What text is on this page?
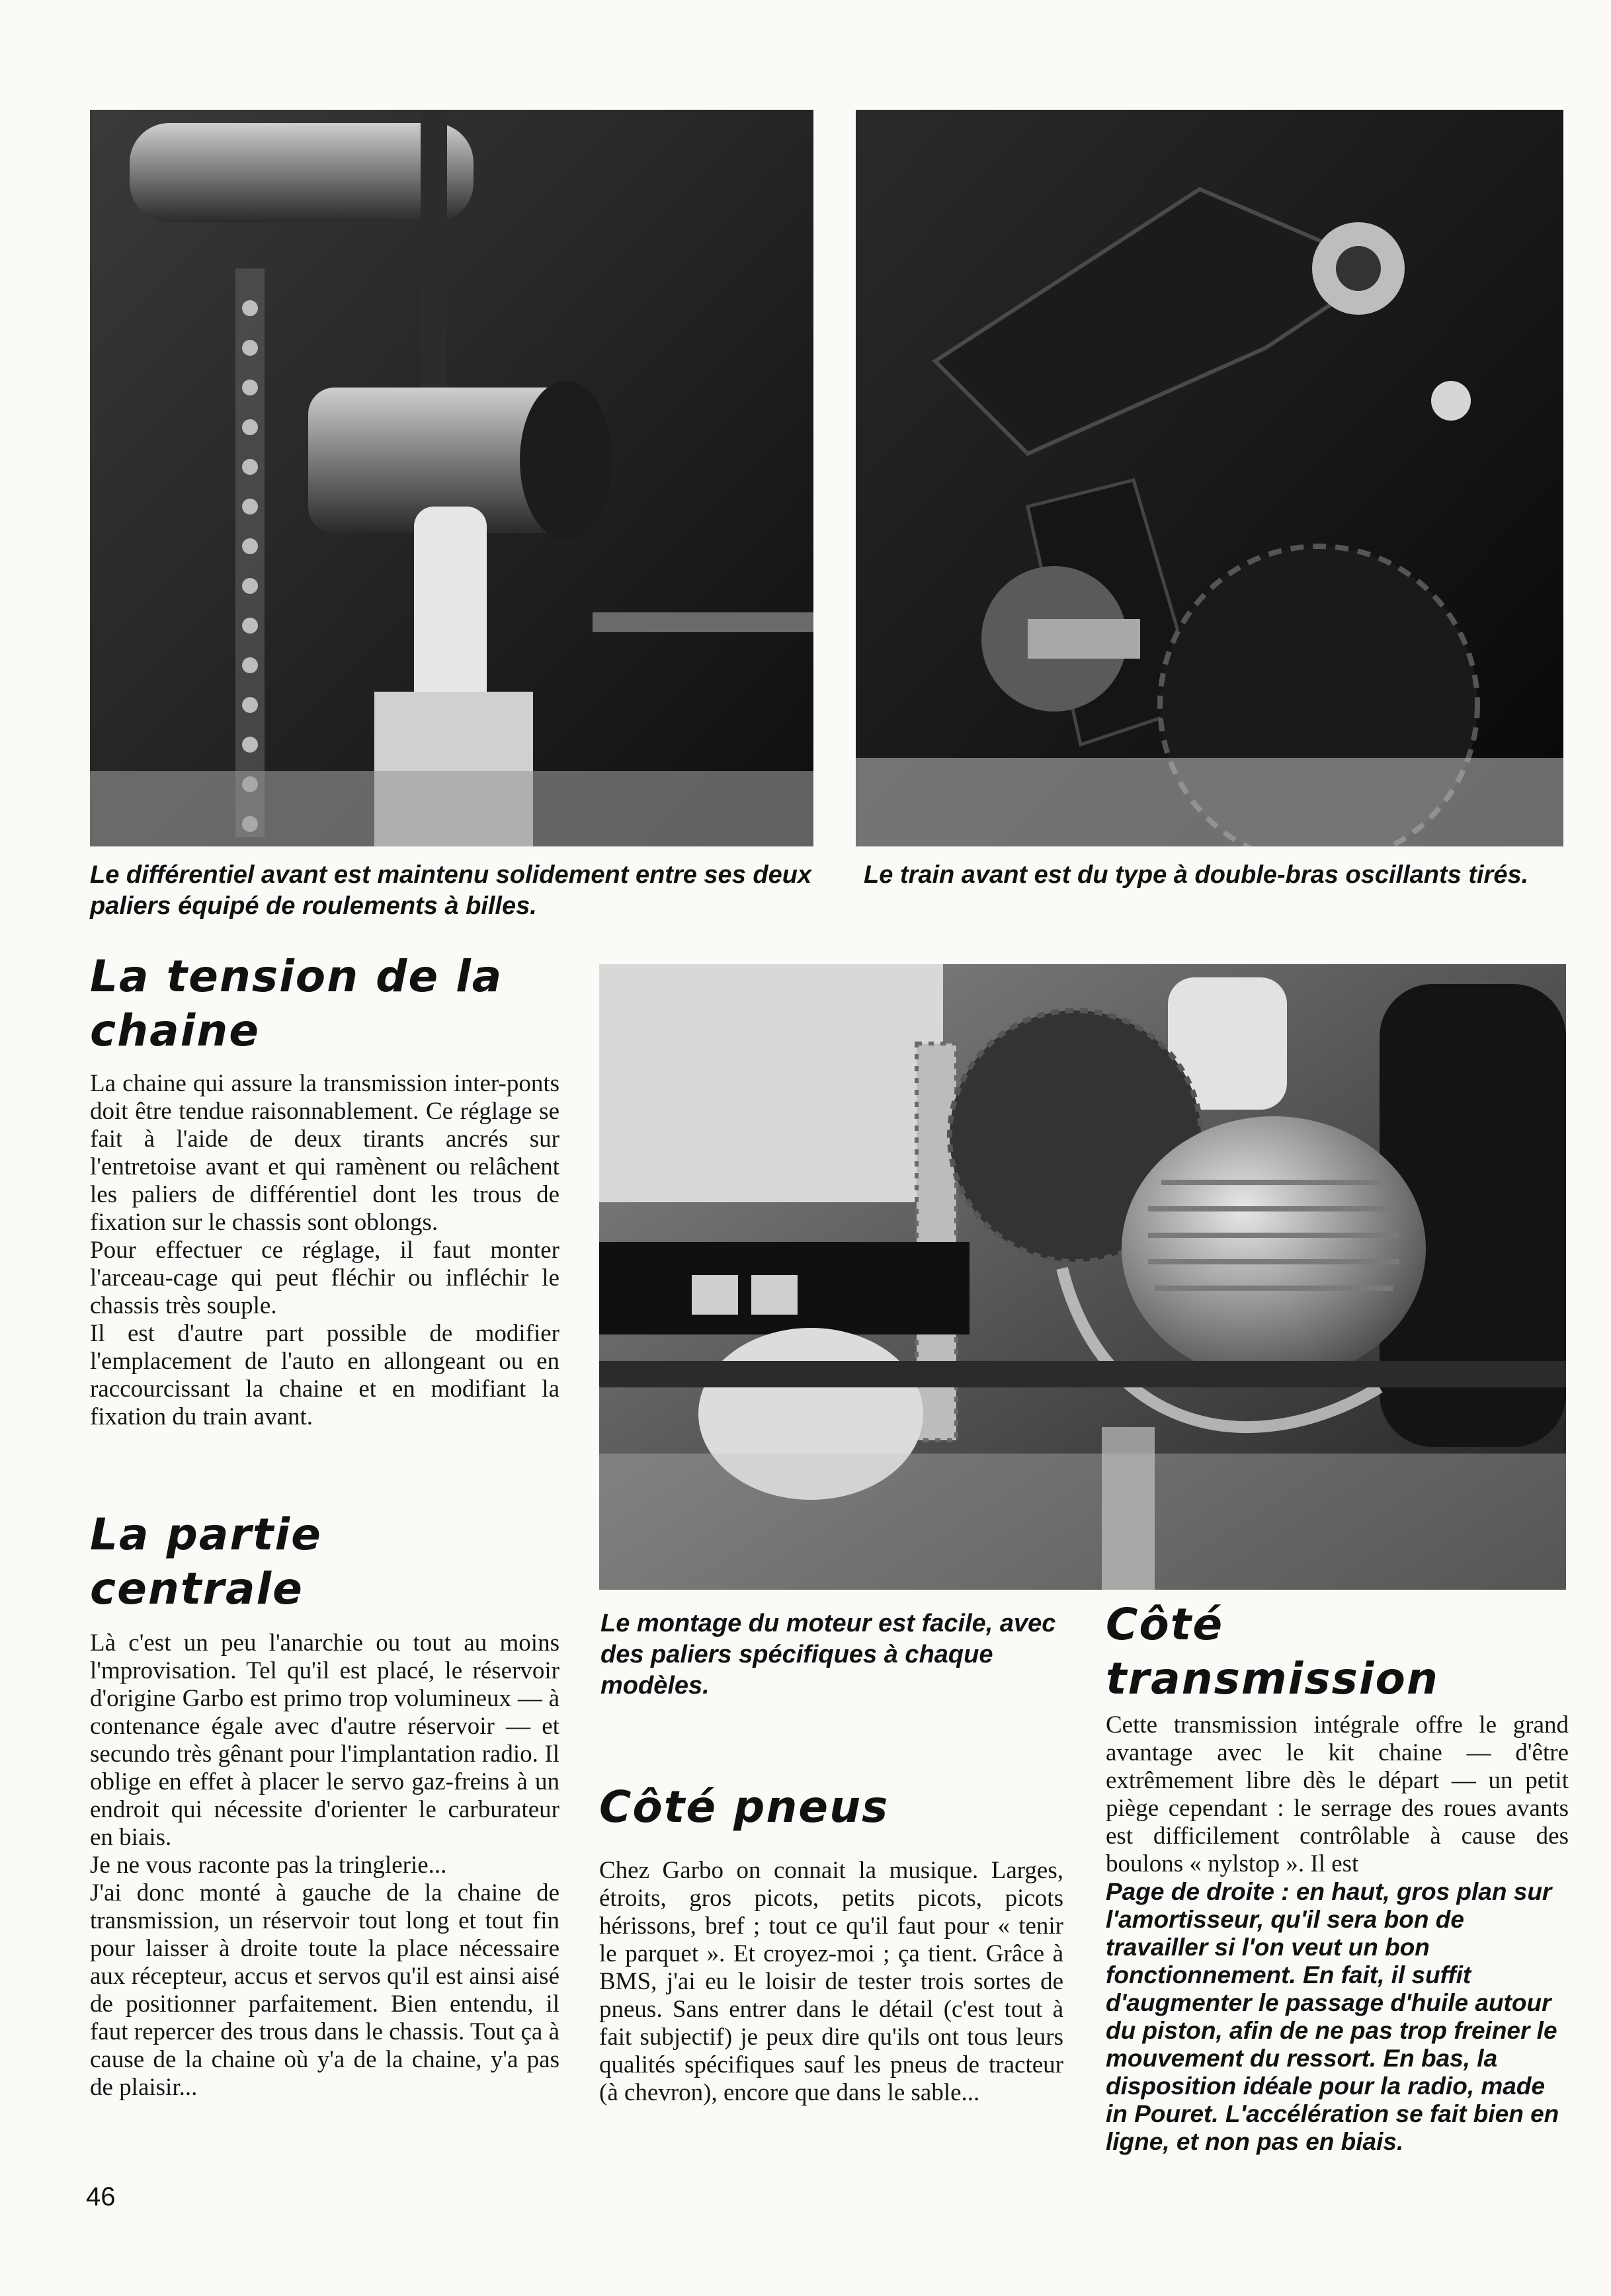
Le différentiel avant est maintenu solidement entre ses deux paliers équipé de roulements à billes.

Le train avant est du type à double-bras oscillants tirés.

La tension de la chaine

La chaine qui assure la transmission inter-ponts doit être tendue raisonnablement. Ce réglage se fait à l'aide de deux tirants ancrés sur l'entretoise avant et qui ramènent ou relâchent les paliers de différentiel dont les trous de fixation sur le chassis sont oblongs.

Pour effectuer ce réglage, il faut monter l'arceau-cage qui peut fléchir ou infléchir le chassis très souple.

Il est d'autre part possible de modifier l'emplacement de l'auto en allongeant ou en raccourcissant la chaine et en modifiant la fixation du train avant.

La partie centrale

Là c'est un peu l'anarchie ou tout au moins l'mprovisation. Tel qu'il est placé, le réservoir d'origine Garbo est primo trop volumineux — à contenance égale avec d'autre réservoir — et secundo très gênant pour l'implantation radio. Il oblige en effet à placer le servo gaz-freins à un endroit qui nécessite d'orienter le carburateur en biais.

Je ne vous raconte pas la tringlerie...

J'ai donc monté à gauche de la chaine de transmission, un réservoir tout long et tout fin pour laisser à droite toute la place nécessaire aux récepteur, accus et servos qu'il est ainsi aisé de positionner parfaitement. Bien entendu, il faut repercer des trous dans le chassis. Tout ça à cause de la chaine où y'a de la chaine, y'a pas de plaisir...

Le montage du moteur est facile, avec des paliers spécifiques à chaque modèles.

Côté pneus

Chez Garbo on connait la musique. Larges, étroits, gros picots, petits picots, picots hérissons, bref ; tout ce qu'il faut pour « tenir le parquet ». Et croyez-moi ; ça tient. Grâce à BMS, j'ai eu le loisir de tester trois sortes de pneus. Sans entrer dans le détail (c'est tout à fait subjectif) je peux dire qu'ils ont tous leurs qualités spécifiques sauf les pneus de tracteur (à chevron), encore que dans le sable...

Côté transmission

Cette transmission intégrale offre le grand avantage avec le kit chaine — d'être extrêmement libre dès le départ — un petit piège cependant : le serrage des roues avants est difficilement contrôlable à cause des boulons « nylstop ». Il est

Page de droite : en haut, gros plan sur l'amortisseur, qu'il sera bon de travailler si l'on veut un bon fonctionnement. En fait, il suffit d'augmenter le passage d'huile autour du piston, afin de ne pas trop freiner le mouvement du ressort. En bas, la disposition idéale pour la radio, made in Pouret. L'accélération se fait bien en ligne, et non pas en biais.

46
